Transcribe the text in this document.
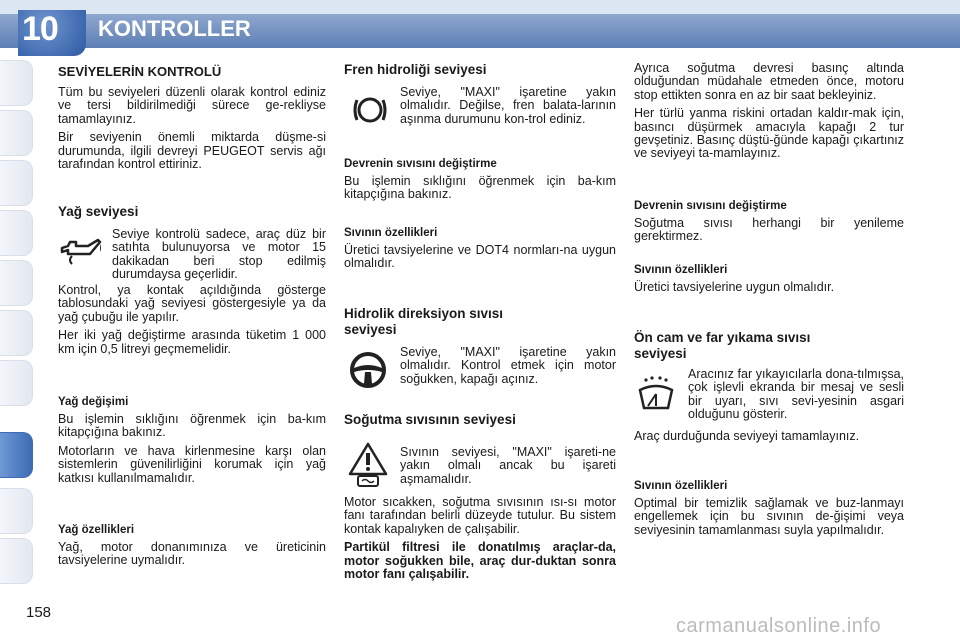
10 KONTROLLER
SEVİYELERİN KONTROLÜ

Tüm bu seviyeleri düzenli olarak kontrol ediniz ve tersi bildirilmediği sürece ge-rekliyse tamamlayınız.

Bir seviyenin önemli miktarda düşme-si durumunda, ilgili devreyi PEUGEOT servis ağı tarafından kontrol ettiriniz.

Yağ seviyesi

Seviye kontrolü sadece, araç düz bir satıhta bulunuyorsa ve motor 15 dakikadan beri stop edilmiş durumdaysa geçerlidir.

Kontrol, ya kontak açıldığında gösterge tablosundaki yağ seviyesi göstergesiyle ya da yağ çubuğu ile yapılır.

Her iki yağ değiştirme arasında tüketim 1 000 km için 0,5 litreyi geçmemelidir.

Yağ değişimi

Bu işlemin sıklığını öğrenmek için ba-kım kitapçığına bakınız.

Motorların ve hava kirlenmesine karşı olan sistemlerin güvenilirliğini korumak için yağ katkısı kullanılmamalıdır.

Yağ özellikleri

Yağ, motor donanımınıza ve üreticinin tavsiyelerine uymalıdır.

Fren hidroliği seviyesi

Seviye, "MAXI" işaretine yakın olmalıdır. Değilse, fren balata-larının aşınma durumunu kon-trol ediniz.

Devrenin sıvısını değiştirme

Bu işlemin sıklığını öğrenmek için ba-kım kitapçığına bakınız.

Sıvının özellikleri

Üretici tavsiyelerine ve DOT4 normları-na uygun olmalıdır.

Hidrolik direksiyon sıvısı seviyesi

Seviye, "MAXI" işaretine yakın olmalıdır. Kontrol etmek için motor soğukken, kapağı açınız.

Soğutma sıvısının seviyesi

Sıvının seviyesi, "MAXI" işareti-ne yakın olmalı ancak bu işareti aşmamalıdır.

Motor sıcakken, soğutma sıvısının ısı-sı motor fanı tarafından belirli düzeyde tutulur. Bu sistem kontak kapalıyken de çalışabilir.

Partikül filtresi ile donatılmış araçlar-da, motor soğukken bile, araç dur-duktan sonra motor fanı çalışabilir.

Ayrıca soğutma devresi basınç altında olduğundan müdahale etmeden önce, motoru stop ettikten sonra en az bir saat bekleyiniz.

Her türlü yanma riskini ortadan kaldır-mak için, basıncı düşürmek amacıyla kapağı 2 tur gevşetiniz. Basınç düştü-ğünde kapağı çıkartınız ve seviyeyi ta-mamlayınız.

Devrenin sıvısını değiştirme

Soğutma sıvısı herhangi bir yenileme gerektirmez.

Sıvının özellikleri

Üretici tavsiyelerine uygun olmalıdır.

Ön cam ve far yıkama sıvısı seviyesi

Aracınız far yıkayıcılarla dona-tılmışsa, çok işlevli ekranda bir mesaj ve sesli bir uyarı, sıvı sevi-yesinin asgari olduğunu gösterir.

Araç durduğunda seviyeyi tamamlayınız.

Sıvının özellikleri

Optimal bir temizlik sağlamak ve buz-lanmayı engellemek için bu sıvının de-ğişimi veya seviyesinin tamamlanması suyla yapılmalıdır.

158
carmanualsonline.info
